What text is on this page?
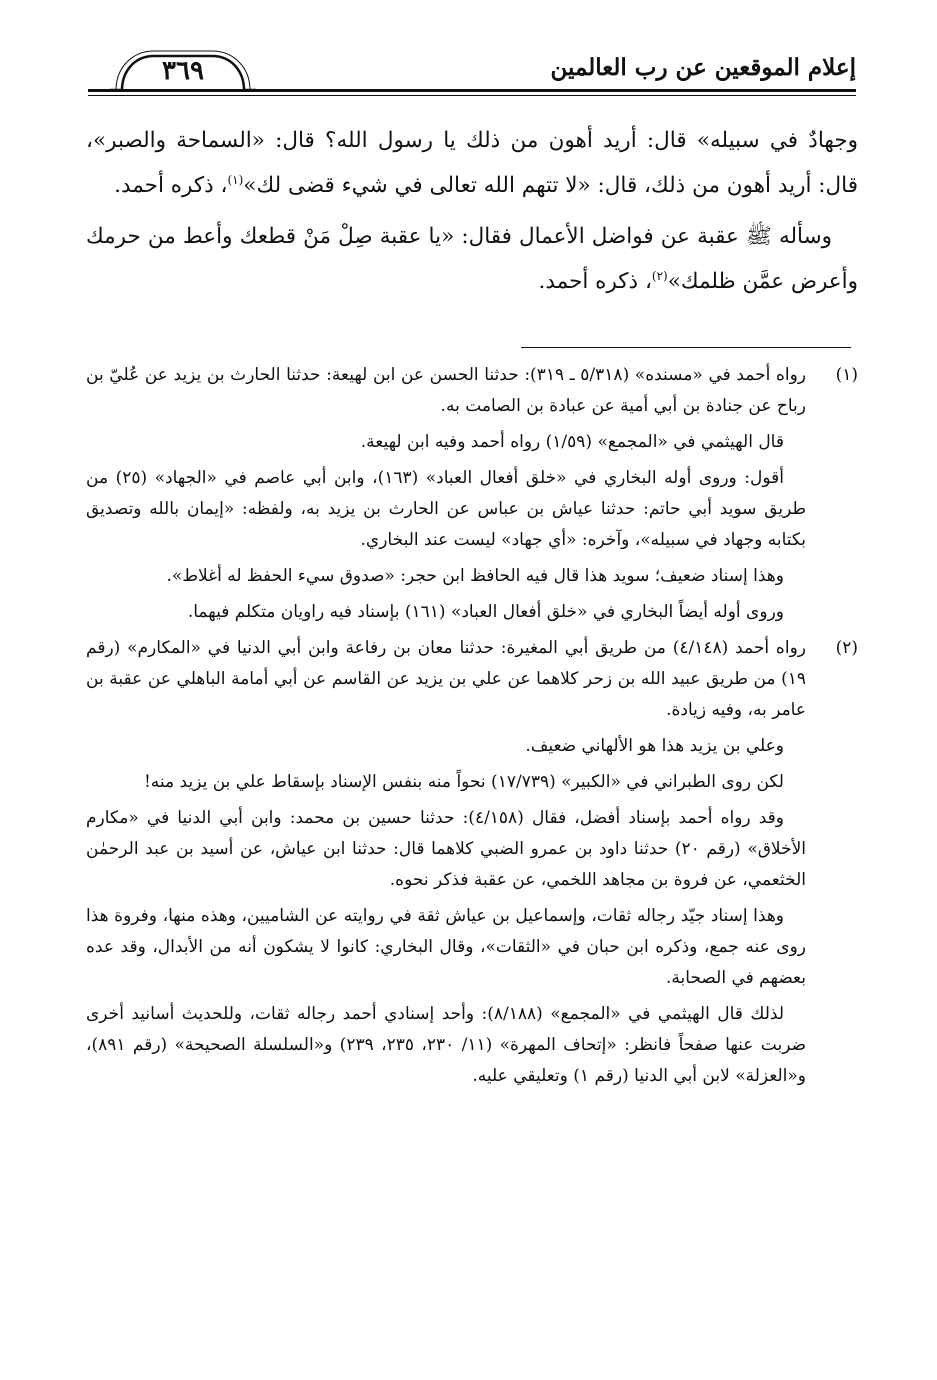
إعلام الموقعين عن رب العالمين
٣٦٩

وجهادٌ في سبيله» قال: أريد أهون من ذلك يا رسول الله؟ قال: «السماحة والصبر»، قال: أريد أهون من ذلك، قال: «لا تتهم الله تعالى في شيء قضى لك»$^{(١)}$، ذكره أحمد.

وسأله ﷺ عقبة عن فواضل الأعمال فقال: «يا عقبة صِلْ مَنْ قطعك وأعط من حرمك وأعرض عمَّن ظلمك»$^{(٢)}$، ذكره أحمد.

(١)

رواه أحمد في «مسنده» (٥/٣١٨ ـ ٣١٩): حدثنا الحسن عن ابن لهيعة: حدثنا الحارث بن يزيد عن عُليّ بن رباح عن جنادة بن أبي أمية عن عبادة بن الصامت به.

قال الهيثمي في «المجمع» (١/٥٩) رواه أحمد وفيه ابن لهيعة.

أقول: وروى أوله البخاري في «خلق أفعال العباد» (١٦٣)، وابن أبي عاصم في «الجهاد» (٢٥) من طريق سويد أبي حاتم: حدثنا عياش بن عباس عن الحارث بن يزيد به، ولفظه: «إيمان بالله وتصديق بكتابه وجهاد في سبيله»، وآخره: «أي جهاد» ليست عند البخاري.

وهذا إسناد ضعيف؛ سويد هذا قال فيه الحافظ ابن حجر: «صدوق سيء الحفظ له أغلاط».

وروى أوله أيضاً البخاري في «خلق أفعال العباد» (١٦١) بإسناد فيه راويان متكلم فيهما.

(٢)

رواه أحمد (٤/١٤٨) من طريق أبي المغيرة: حدثنا معان بن رفاعة وابن أبي الدنيا في «المكارم» (رقم ١٩) من طريق عبيد الله بن زحر كلاهما عن علي بن يزيد عن القاسم عن أبي أمامة الباهلي عن عقبة بن عامر به، وفيه زيادة.

وعلي بن يزيد هذا هو الألهاني ضعيف.

لكن روى الطبراني في «الكبير» (١٧/٧٣٩) نحواً منه بنفس الإسناد بإسقاط علي بن يزيد منه!

وقد رواه أحمد بإسناد أفضل، فقال (٤/١٥٨): حدثنا حسين بن محمد: وابن أبي الدنيا في «مكارم الأخلاق» (رقم ٢٠) حدثنا داود بن عمرو الضبي كلاهما قال: حدثنا ابن عياش، عن أسيد بن عبد الرحمٰن الخثعمي، عن فروة بن مجاهد اللخمي، عن عقبة فذكر نحوه.

وهذا إسناد جيّد رجاله ثقات، وإسماعيل بن عياش ثقة في روايته عن الشاميين، وهذه منها، وفروة هذا روى عنه جمع، وذكره ابن حبان في «الثقات»، وقال البخاري: كانوا لا يشكون أنه من الأبدال، وقد عده بعضهم في الصحابة.

لذلك قال الهيثمي في «المجمع» (٨/١٨٨): وأحد إسنادي أحمد رجاله ثقات، وللحديث أسانيد أخرى ضربت عنها صفحاً فانظر: «إتحاف المهرة» (١١/ ٢٣٠، ٢٣٥، ٢٣٩) و«السلسلة الصحيحة» (رقم ٨٩١)، و«العزلة» لابن أبي الدنيا (رقم ١) وتعليقي عليه.
